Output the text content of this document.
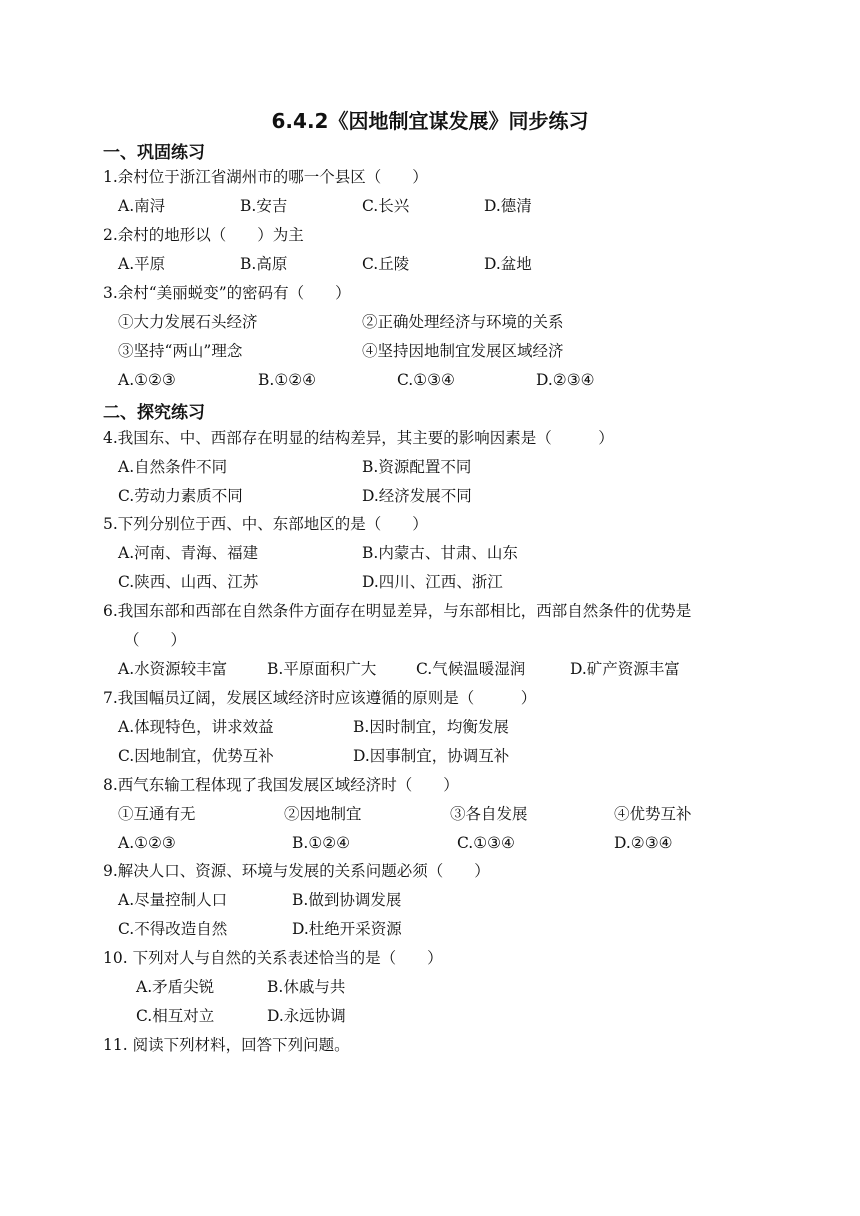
6.4.2《因地制宜谋发展》同步练习
一、巩固练习
1.余村位于浙江省湖州市的哪一个县区（　　）
A.南浔	B.安吉	C.长兴	D.德清
2.余村的地形以（　　）为主
A.平原	B.高原	C.丘陵	D.盆地
3.余村“美丽蜕变”的密码有（　　）
①大力发展石头经济	②正确处理经济与环境的关系
③坚持“两山”理念	④坚持因地制宜发展区域经济
A.①②③	B.①②④	C.①③④	D.②③④
二、探究练习
4.我国东、中、西部存在明显的结构差异，其主要的影响因素是（　　　）
A.自然条件不同	B.资源配置不同
C.劳动力素质不同	D.经济发展不同
5.下列分别位于西、中、东部地区的是（　　）
A.河南、青海、福建	B.内蒙古、甘肃、山东
C.陕西、山西、江苏	D.四川、江西、浙江
6.我国东部和西部在自然条件方面存在明显差异，与东部相比，西部自然条件的优势是
（　　）
A.水资源较丰富	B.平原面积广大	C.气候温暖湿润	D.矿产资源丰富
7.我国幅员辽阔，发展区域经济时应该遵循的原则是（　　　）
A.体现特色，讲求效益	B.因时制宜，均衡发展
C.因地制宜，优势互补	D.因事制宜，协调互补
8.西气东输工程体现了我国发展区域经济时（　　）
①互通有无	②因地制宜	③各自发展	④优势互补
A.①②③	B.①②④	C.①③④	D.②③④
9.解决人口、资源、环境与发展的关系问题必须（　　）
A.尽量控制人口	B.做到协调发展
C.不得改造自然	D.杜绝开采资源
10. 下列对人与自然的关系表述恰当的是（　　）
A.矛盾尖锐	B.休戚与共
C.相互对立	D.永远协调
11. 阅读下列材料，回答下列问题。
